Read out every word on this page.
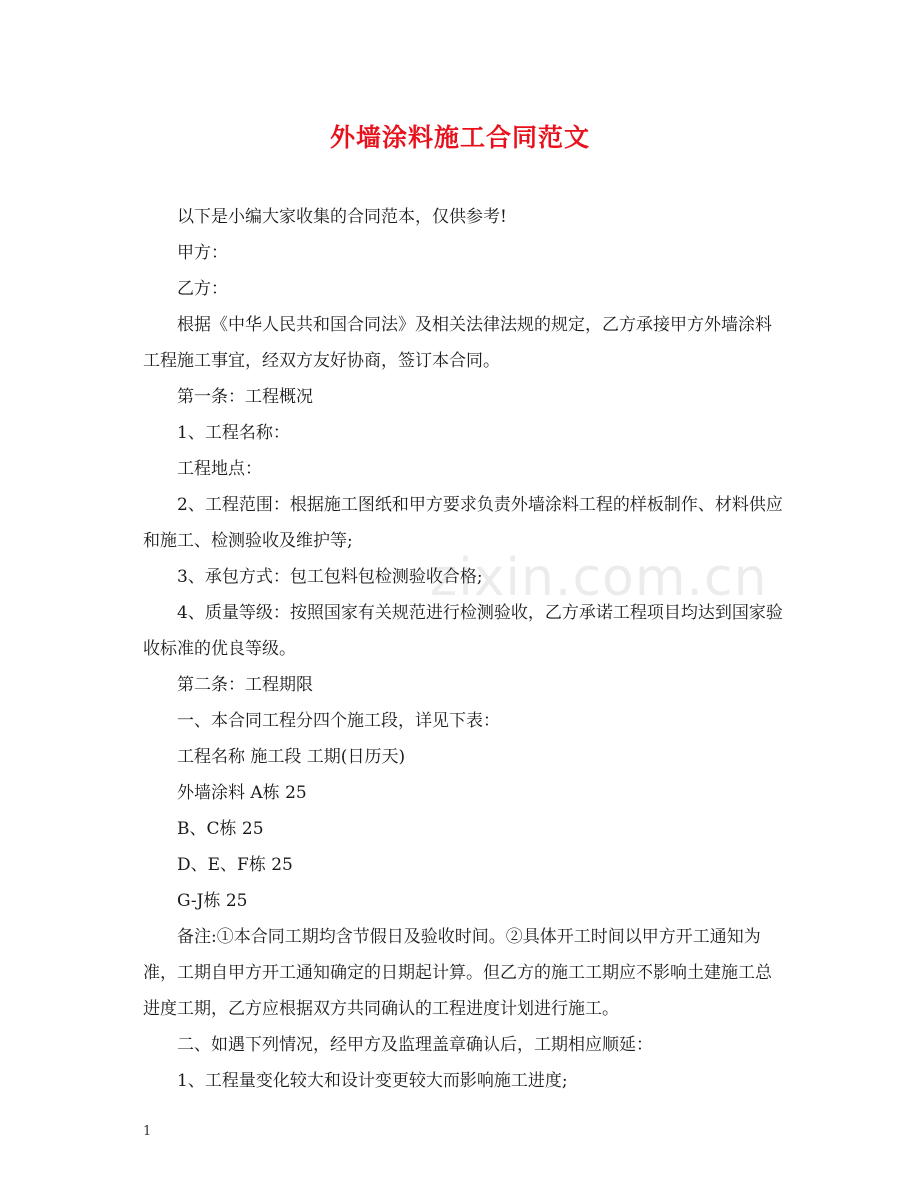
外墙涂料施工合同范文

以下是小编大家收集的合同范本，仅供参考!

甲方：

乙方：

根据《中华人民共和国合同法》及相关法律法规的规定，乙方承接甲方外墙涂料工程施工事宜，经双方友好协商，签订本合同。

第一条：工程概况

1、工程名称：

工程地点：

2、工程范围：根据施工图纸和甲方要求负责外墙涂料工程的样板制作、材料供应和施工、检测验收及维护等;

3、承包方式：包工包料包检测验收合格;

4、质量等级：按照国家有关规范进行检测验收，乙方承诺工程项目均达到国家验收标准的优良等级。

第二条：工程期限

一、本合同工程分四个施工段，详见下表：

工程名称 施工段 工期(日历天)

外墙涂料 A栋 25

B、C栋 25

D、E、F栋 25

G-J栋 25

备注:①本合同工期均含节假日及验收时间。②具体开工时间以甲方开工通知为准，工期自甲方开工通知确定的日期起计算。但乙方的施工工期应不影响土建施工总进度工期，乙方应根据双方共同确认的工程进度计划进行施工。

二、如遇下列情况，经甲方及监理盖章确认后，工期相应顺延：

1、工程量变化较大和设计变更较大而影响施工进度;

zixin.com.cn
1
